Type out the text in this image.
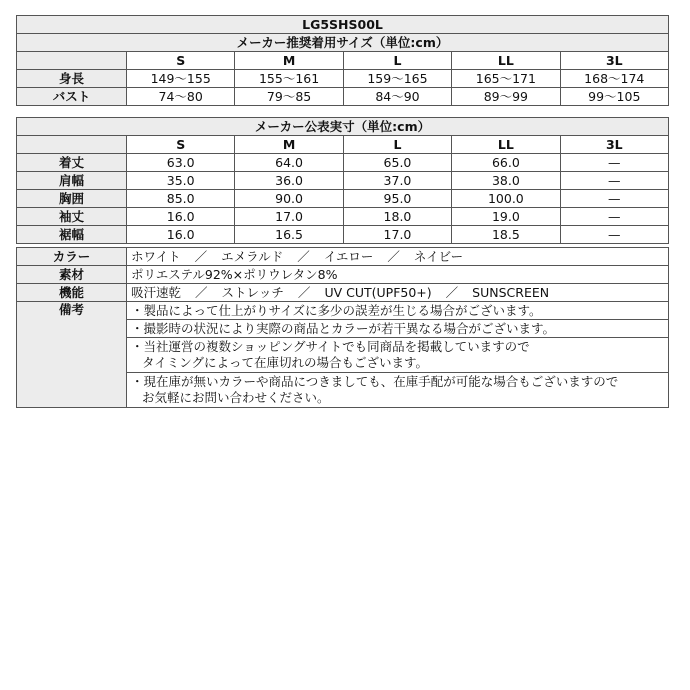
LG5SHS00L					
メーカー推奨着用サイズ（単位:cm）					
	S	M	L	LL	3L
身長	149〜155	155〜161	159〜165	165〜171	168〜174
バスト	74〜80	79〜85	84〜90	89〜99	99〜105
メーカー公表実寸（単位:cm）					
	S	M	L	LL	3L
着丈	63.0	64.0	65.0	66.0	—
肩幅	35.0	36.0	37.0	38.0	—
胸囲	85.0	90.0	95.0	100.0	—
袖丈	16.0	17.0	18.0	19.0	—
裾幅	16.0	16.5	17.0	18.5	—
カラー	ホワイト ／ エメラルド ／ イエロー ／ ネイビー
素材	ポリエステル92%×ポリウレタン8%
機能	吸汗速乾 ／ ストレッチ ／ UV CUT(UPF50+) ／ SUNSCREEN
備考	・製品によって仕上がりサイズに多少の誤差が生じる場合がございます。
	・撮影時の状況により実際の商品とカラーが若干異なる場合がございます。

	・当社運営の複数ショッピングサイトでも同商品を掲載していますので
タイミングによって在庫切れの場合もございます。

	・現在庫が無いカラーや商品につきましても、在庫手配が可能な場合もございますので
お気軽にお問い合わせください。
